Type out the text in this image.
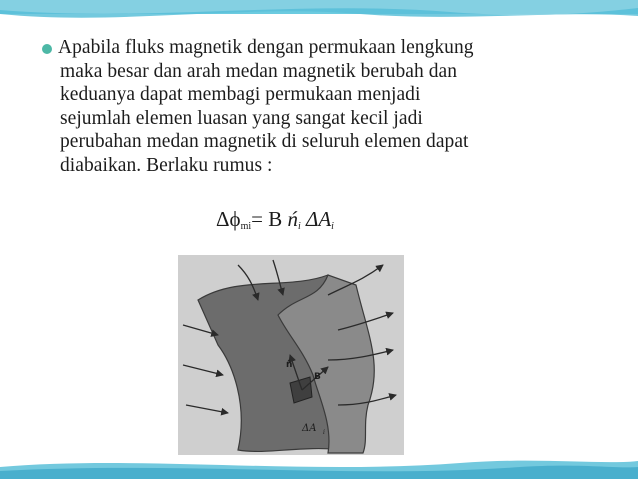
Apabila fluks magnetik dengan permukaan lengkung
maka besar dan arah medan magnetik berubah dan
keduanya dapat membagi permukaan menjadi
sejumlah elemen luasan yang sangat kecil jadi
perubahan medan magnetik di seluruh elemen dapat
diabaikan. Berlaku rumus :
$\Delta\phi_{mi}= B$ $ń_i$ $\Delta A_i$
n̂
B
ΔA i
